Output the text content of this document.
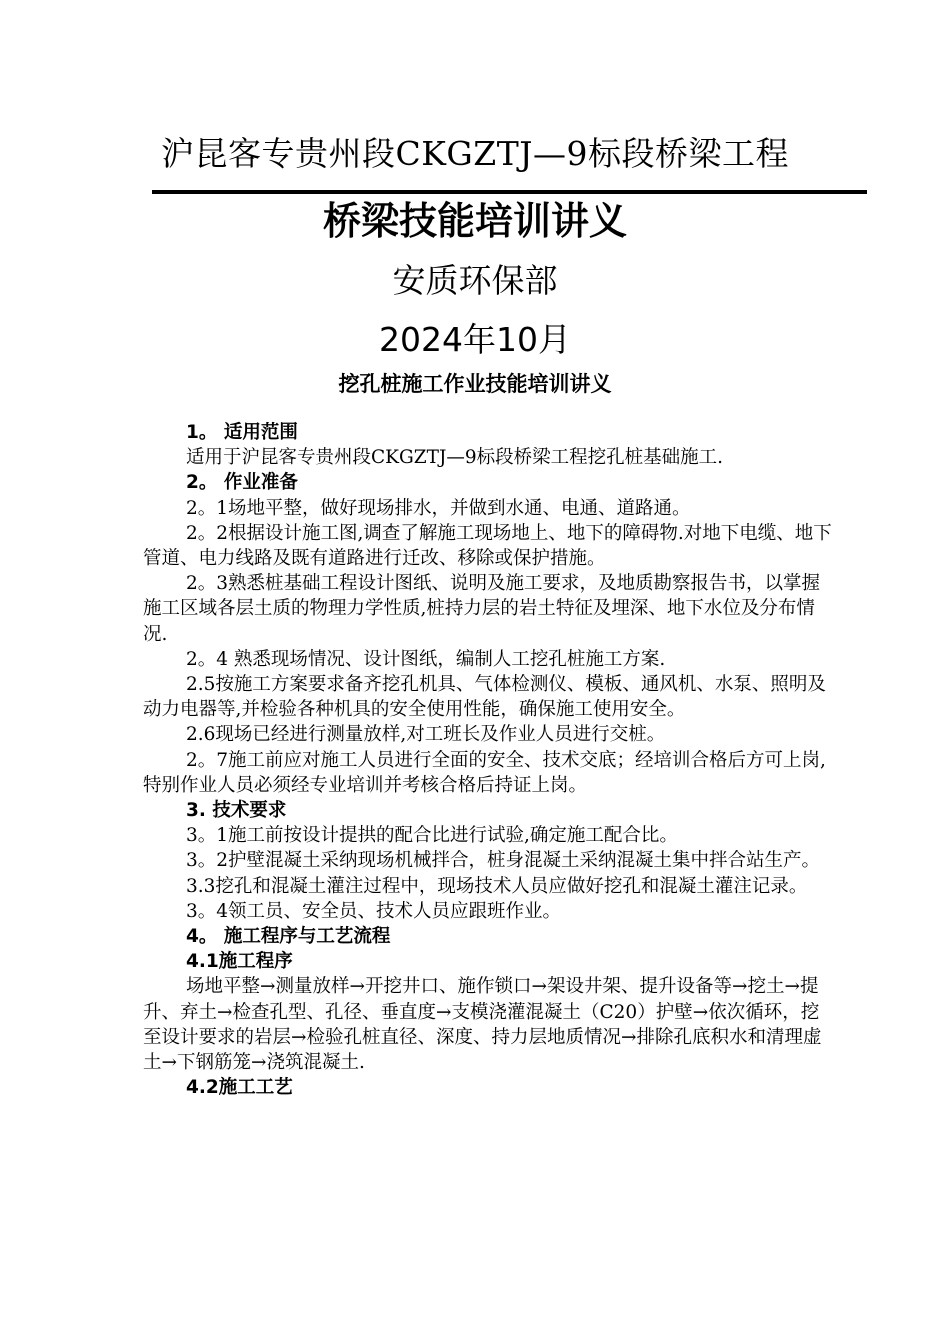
沪昆客专贵州段CKGZTJ—9标段桥梁工程
桥梁技能培训讲义
安质环保部
2024年10月
挖孔桩施工作业技能培训讲义

1。 适用范围

适用于沪昆客专贵州段CKGZTJ—9标段桥梁工程挖孔桩基础施工.

2。 作业准备

2。1场地平整，做好现场排水，并做到水通、电通、道路通。

2。2根据设计施工图,调查了解施工现场地上、地下的障碍物.对地下电缆、地下管道、电力线路及既有道路进行迁改、移除或保护措施。

2。3熟悉桩基础工程设计图纸、说明及施工要求，及地质勘察报告书，以掌握施工区域各层土质的物理力学性质,桩持力层的岩土特征及埋深、地下水位及分布情况.

2。4 熟悉现场情况、设计图纸，编制人工挖孔桩施工方案.

2.5按施工方案要求备齐挖孔机具、气体检测仪、模板、通风机、水泵、照明及动力电器等,并检验各种机具的安全使用性能，确保施工使用安全。

2.6现场已经进行测量放样,对工班长及作业人员进行交桩。

2。7施工前应对施工人员进行全面的安全、技术交底；经培训合格后方可上岗,特别作业人员必须经专业培训并考核合格后持证上岗。

3. 技术要求

3。1施工前按设计提拱的配合比进行试验,确定施工配合比。

3。2护壁混凝土采纳现场机械拌合，桩身混凝土采纳混凝土集中拌合站生产。

3.3挖孔和混凝土灌注过程中，现场技术人员应做好挖孔和混凝土灌注记录。

3。4领工员、安全员、技术人员应跟班作业。

4。 施工程序与工艺流程

4.1施工程序

场地平整→测量放样→开挖井口、施作锁口→架设井架、提升设备等→挖土→提升、弃土→检查孔型、孔径、垂直度→支模浇灌混凝土（C20）护壁→依次循环，挖至设计要求的岩层→检验孔桩直径、深度、持力层地质情况→排除孔底积水和清理虚土→下钢筋笼→浇筑混凝土.

4.2施工工艺
